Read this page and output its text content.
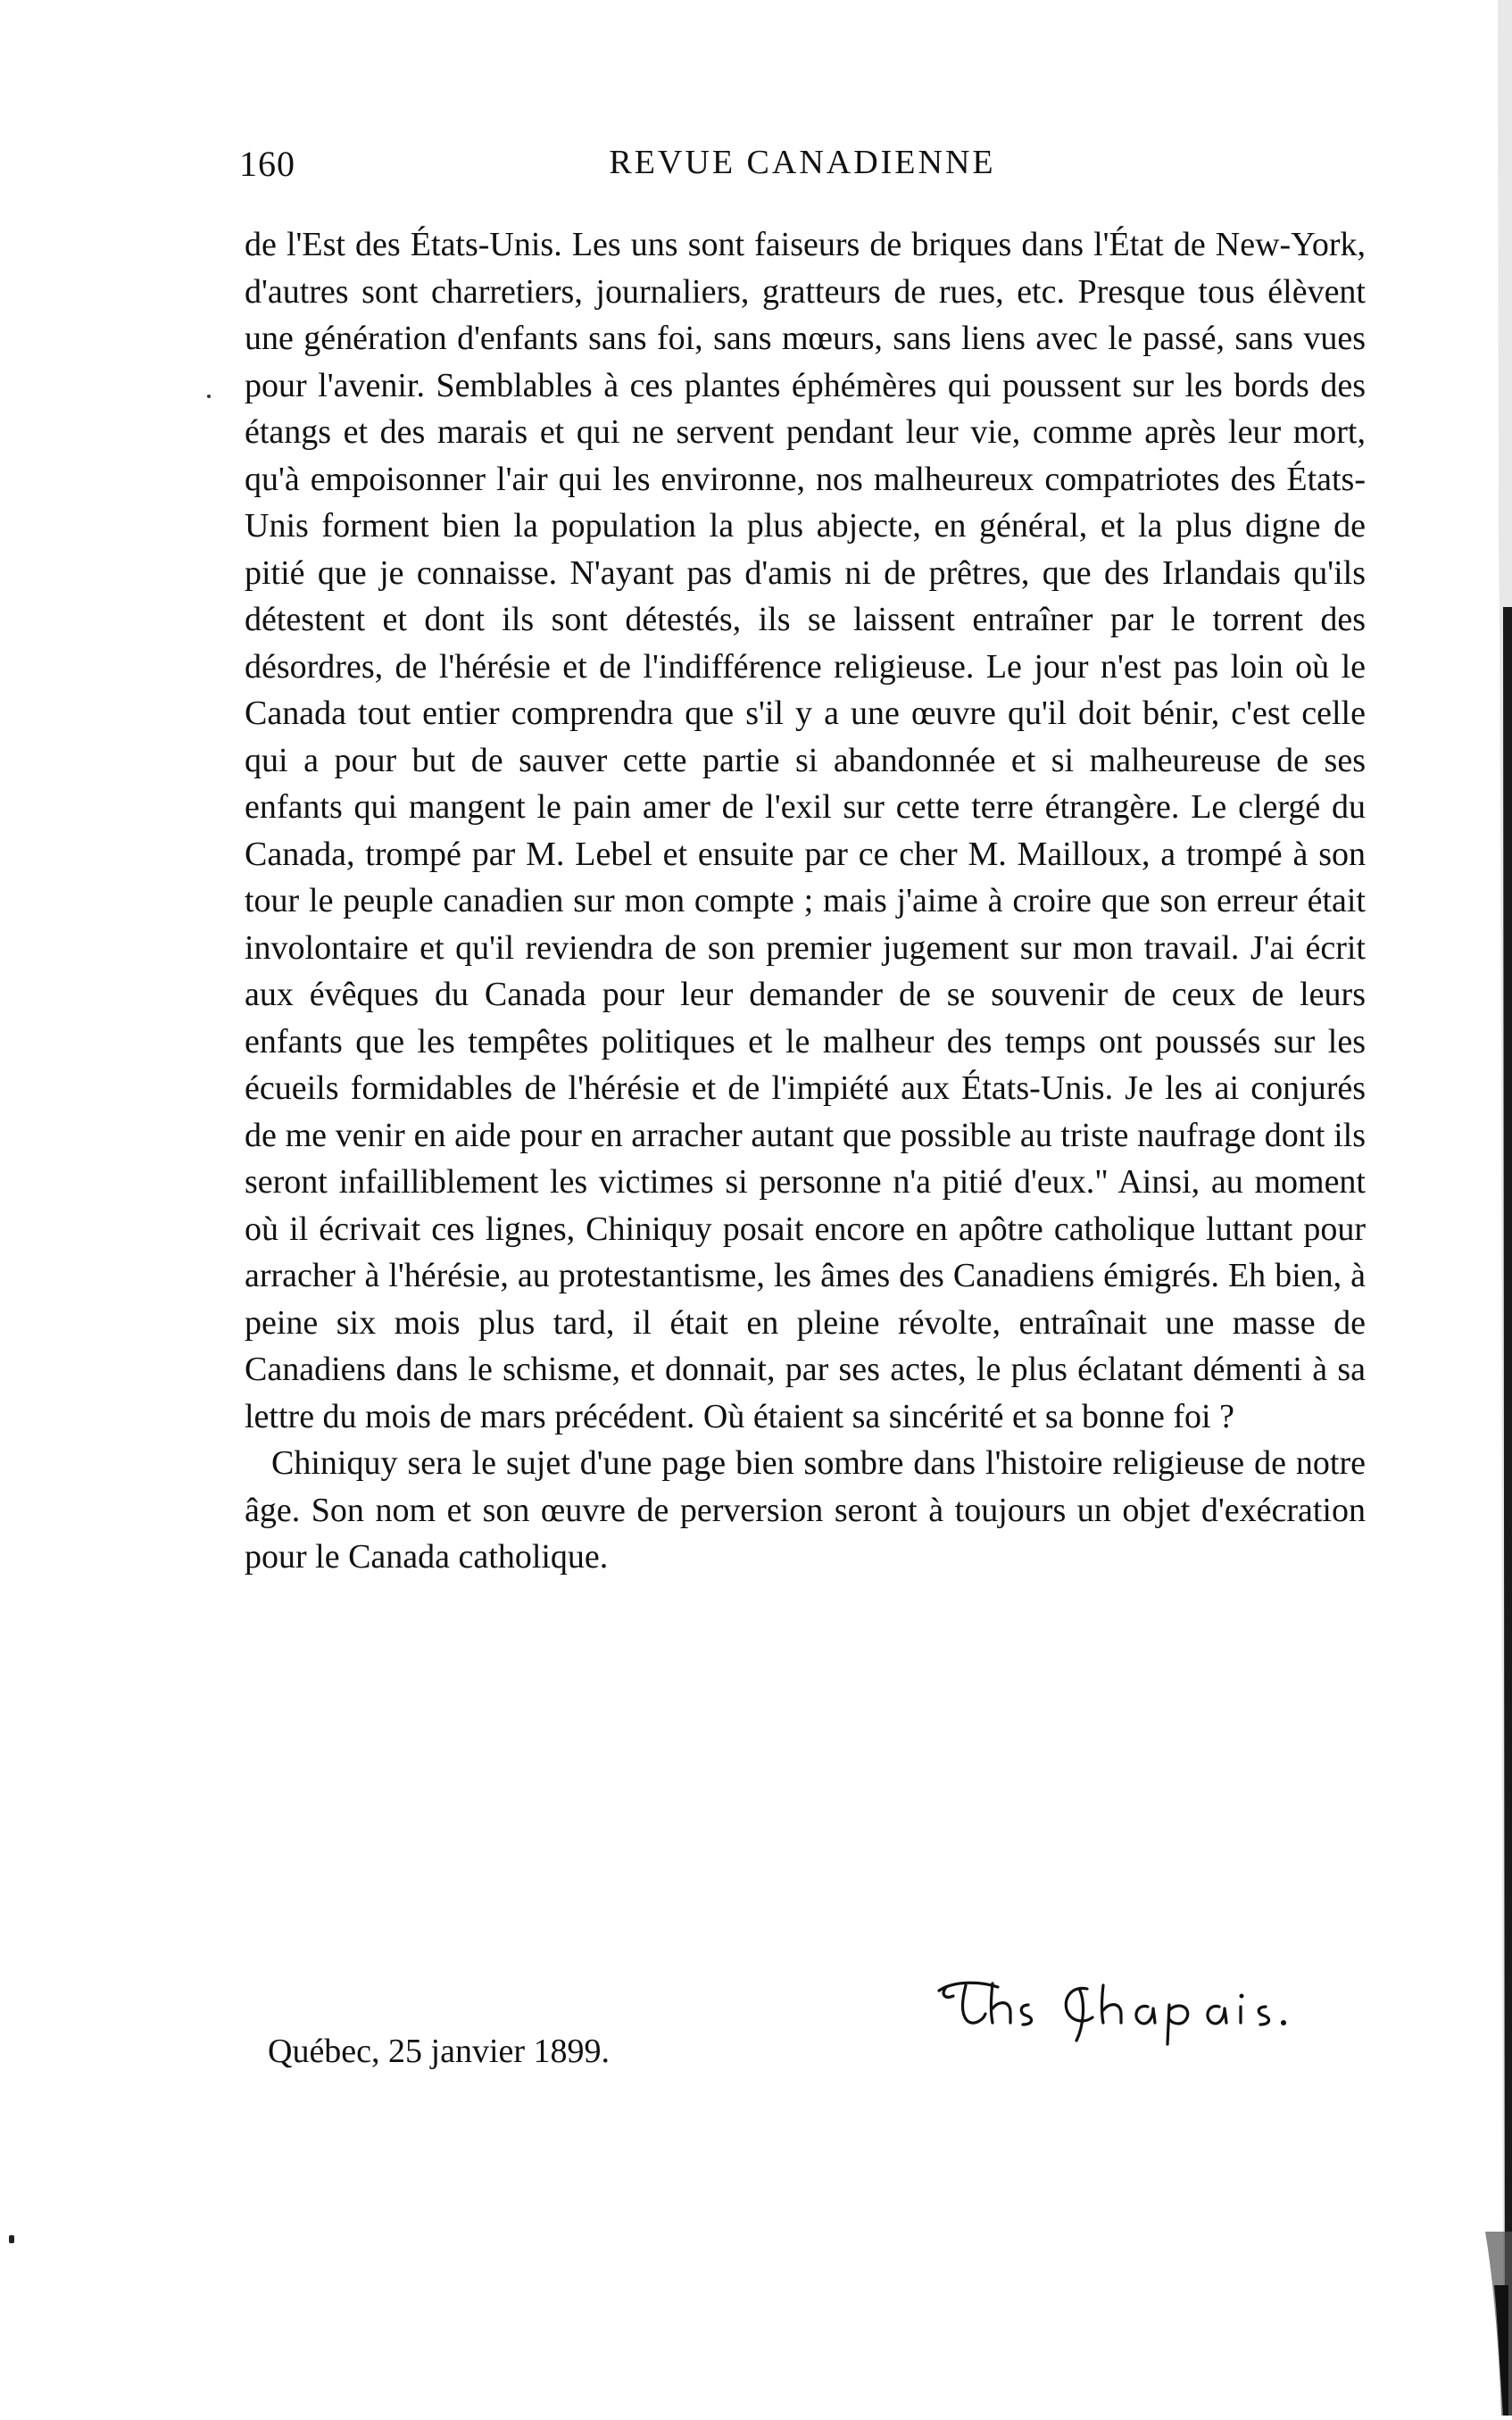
160	REVUE CANADIENNE

de l'Est des États-Unis. Les uns sont faiseurs de briques dans l'État de New-York, d'autres sont charretiers, journaliers, gratteurs de rues, etc. Presque tous élèvent une génération d'enfants sans foi, sans mœurs, sans liens avec le passé, sans vues pour l'avenir. Semblables à ces plantes éphémères qui poussent sur les bords des étangs et des marais et qui ne servent pendant leur vie, comme après leur mort, qu'à empoisonner l'air qui les environne, nos malheureux compatriotes des États-Unis forment bien la population la plus abjecte, en général, et la plus digne de pitié que je connaisse. N'ayant pas d'amis ni de prêtres, que des Irlandais qu'ils détestent et dont ils sont détestés, ils se laissent entraîner par le torrent des désordres, de l'hérésie et de l'indifférence religieuse. Le jour n'est pas loin où le Canada tout entier comprendra que s'il y a une œuvre qu'il doit bénir, c'est celle qui a pour but de sauver cette partie si abandonnée et si malheureuse de ses enfants qui mangent le pain amer de l'exil sur cette terre étrangère. Le clergé du Canada, trompé par M. Lebel et ensuite par ce cher M. Mailloux, a trompé à son tour le peuple canadien sur mon compte ; mais j'aime à croire que son erreur était involontaire et qu'il reviendra de son premier jugement sur mon travail. J'ai écrit aux évêques du Canada pour leur demander de se souvenir de ceux de leurs enfants que les tempêtes politiques et le malheur des temps ont poussés sur les écueils formidables de l'hérésie et de l'impiété aux États-Unis. Je les ai conjurés de me venir en aide pour en arracher autant que possible au triste naufrage dont ils seront infailliblement les victimes si personne n'a pitié d'eux." Ainsi, au moment où il écrivait ces lignes, Chiniquy posait encore en apôtre catholique luttant pour arracher à l'hérésie, au protestantisme, les âmes des Canadiens émigrés. Eh bien, à peine six mois plus tard, il était en pleine révolte, entraînait une masse de Canadiens dans le schisme, et donnait, par ses actes, le plus éclatant démenti à sa lettre du mois de mars précédent. Où étaient sa sincérité et sa bonne foi ?

Chiniquy sera le sujet d'une page bien sombre dans l'histoire religieuse de notre âge. Son nom et son œuvre de perversion seront à toujours un objet d'exécration pour le Canada catholique.

Québec, 25 janvier 1899.
